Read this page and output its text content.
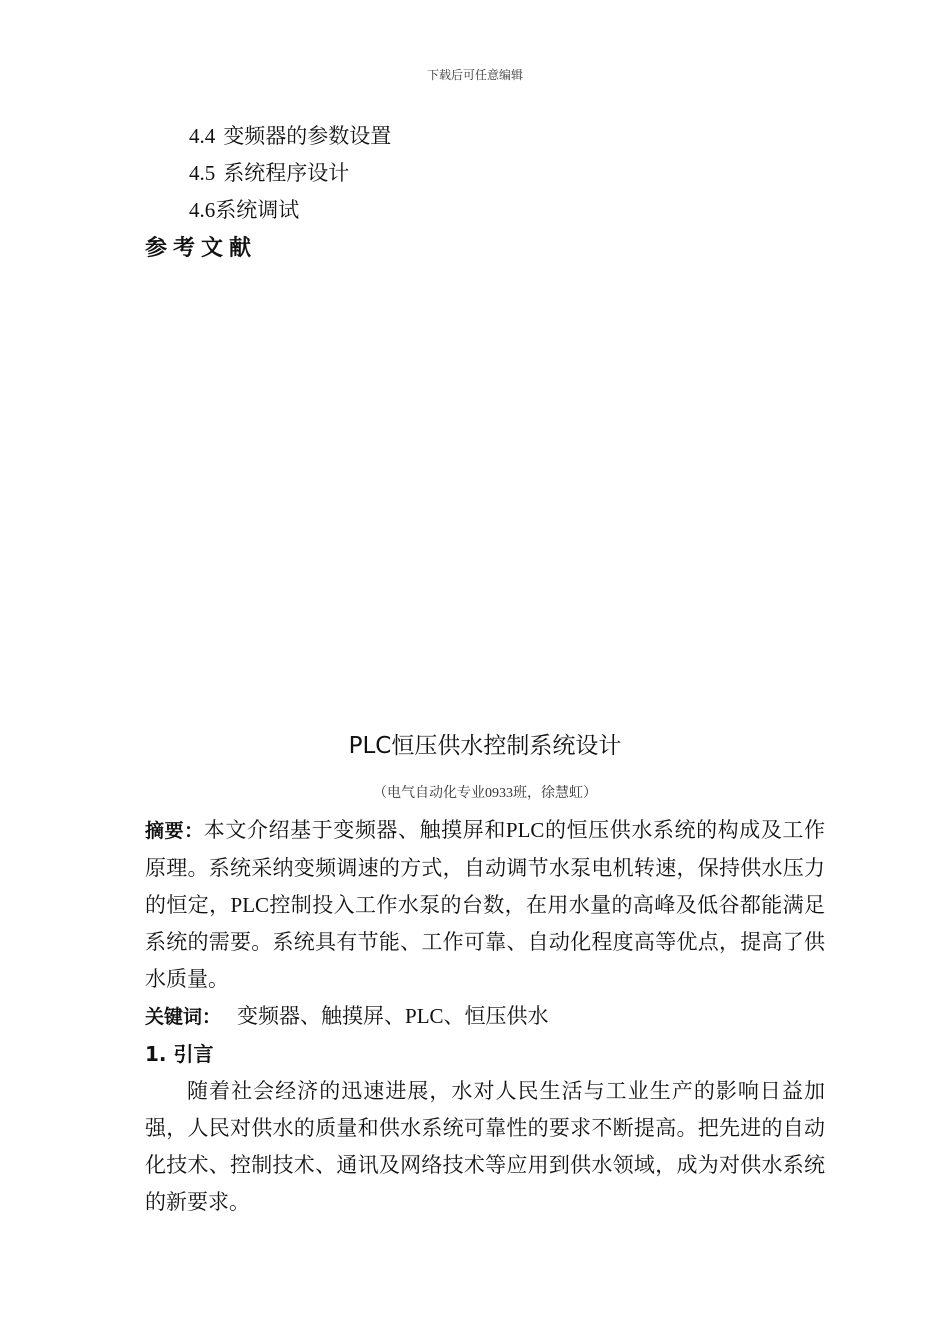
下载后可任意编辑
4.4 变频器的参数设置
4.5 系统程序设计
4.6系统调试
参考文献
PLC恒压供水控制系统设计
（电气自动化专业0933班，徐慧虹）
摘要：本文介绍基于变频器、触摸屏和PLC的恒压供水系统的构成及工作原理。系统采纳变频调速的方式，自动调节水泵电机转速，保持供水压力的恒定，PLC控制投入工作水泵的台数，在用水量的高峰及低谷都能满足系统的需要。系统具有节能、工作可靠、自动化程度高等优点，提高了供水质量。
关键词： 变频器、触摸屏、PLC、恒压供水
1. 引言
随着社会经济的迅速进展，水对人民生活与工业生产的影响日益加强，人民对供水的质量和供水系统可靠性的要求不断提高。把先进的自动化技术、控制技术、通讯及网络技术等应用到供水领域，成为对供水系统的新要求。
